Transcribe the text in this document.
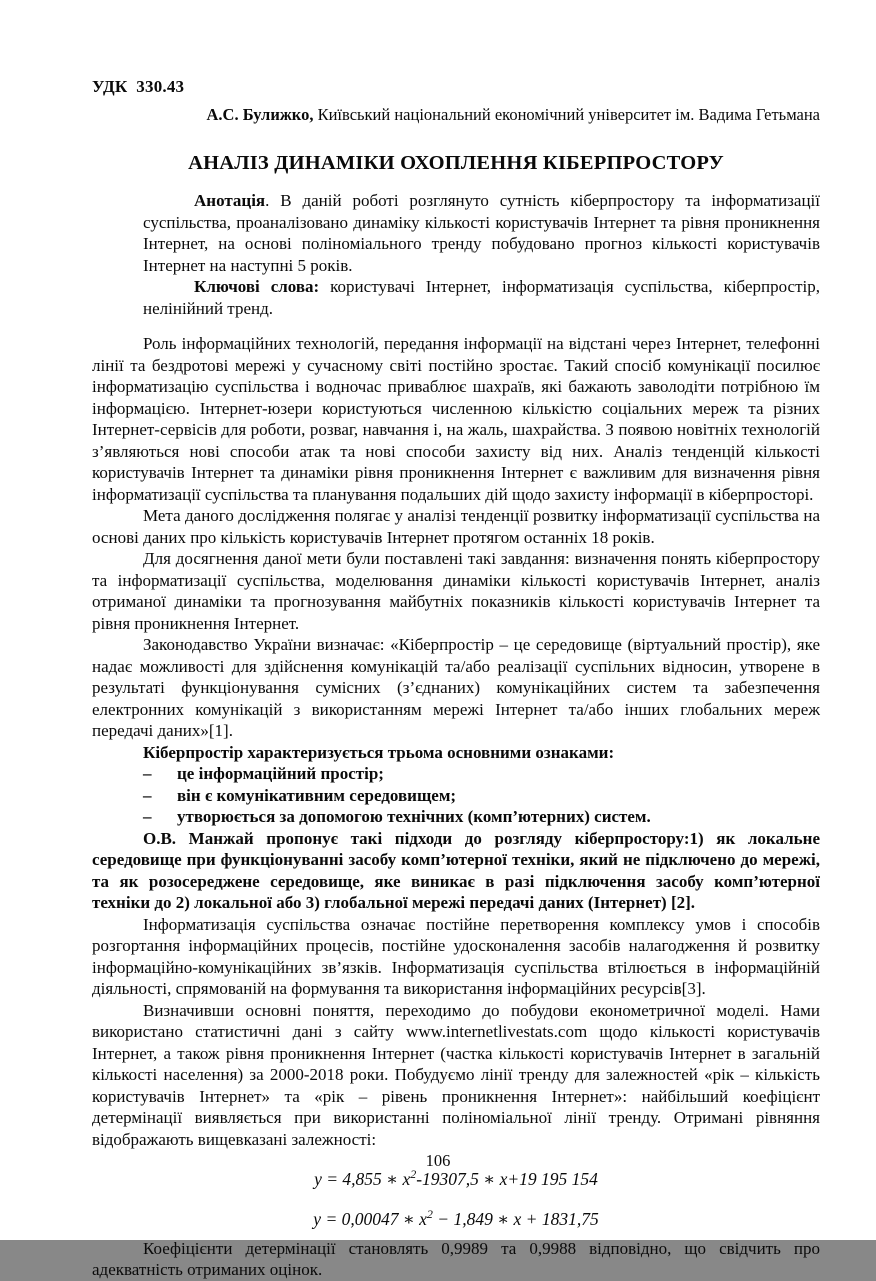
УДК 330.43
А.С. Булижко, Київський національний економічний університет ім. Вадима Гетьмана
АНАЛІЗ ДИНАМІКИ ОХОПЛЕННЯ КІБЕРПРОСТОРУ

Анотація. В даній роботі розглянуто сутність кіберпростору та інформатизації суспільства, проаналізовано динаміку кількості користувачів Інтернет та рівня проникнення Інтернет, на основі поліноміального тренду побудовано прогноз кількості користувачів Інтернет на наступні 5 років.

Ключові слова: користувачі Інтернет, інформатизація суспільства, кіберпростір, нелінійний тренд.

Роль інформаційних технологій, передання інформації на відстані через Інтернет, телефонні лінії та бездротові мережі у сучасному світі постійно зростає. Такий спосіб комунікації посилює інформатизацію суспільства і водночас приваблює шахраїв, які бажають заволодіти потрібною їм інформацією. Інтернет-юзери користуються численною кількістю соціальних мереж та різних Інтернет-сервісів для роботи, розваг, навчання і, на жаль, шахрайства. З появою новітніх технологій з’являються нові способи атак та нові способи захисту від них. Аналіз тенденцій кількості користувачів Інтернет та динаміки рівня проникнення Інтернет є важливим для визначення рівня інформатизації суспільства та планування подальших дій щодо захисту інформації в кіберпросторі.

Мета даного дослідження полягає у аналізі тенденції розвитку інформатизації суспільства на основі даних про кількість користувачів Інтернет протягом останніх 18 років.

Для досягнення даної мети були поставлені такі завдання: визначення понять кіберпростору та інформатизації суспільства, моделювання динаміки кількості користувачів Інтернет, аналіз отриманої динаміки та прогнозування майбутніх показників кількості користувачів Інтернет та рівня проникнення Інтернет.

Законодавство України визначає: «Кіберпростір – це середовище (віртуальний простір), яке надає можливості для здійснення комунікацій та/або реалізації суспільних відносин, утворене в результаті функціонування сумісних (з’єднаних) комунікаційних систем та забезпечення електронних комунікацій з використанням мережі Інтернет та/або інших глобальних мереж передачі даних»[1].

Кіберпростір характеризується трьома основними ознаками:

– це інформаційний простір;
– він є комунікативним середовищем;
– утворюється за допомогою технічних (комп’ютерних) систем.

О.В. Манжай пропонує такі підходи до розгляду кіберпростору:1) як локальне середовище при функціонуванні засобу комп’ютерної техніки, який не підключено до мережі, та як розосереджене середовище, яке виникає в разі підключення засобу комп’ютерної техніки до 2) локальної або 3) глобальної мережі передачі даних (Інтернет) [2].

Інформатизація суспільства означає постійне перетворення комплексу умов і способів розгортання інформаційних процесів, постійне удосконалення засобів налагодження й розвитку інформаційно-комунікаційних зв’язків. Інформатизація суспільства втілюється в інформаційній діяльності, спрямованій на формування та використання інформаційних ресурсів[3].

Визначивши основні поняття, переходимо до побудови економетричної моделі. Нами використано статистичні дані з сайту www.internetlivestats.com щодо кількості користувачів Інтернет, а також рівня проникнення Інтернет (частка кількості користувачів Інтернет в загальній кількості населення) за 2000-2018 роки. Побудуємо лінії тренду для залежностей «рік – кількість користувачів Інтернет» та «рік – рівень проникнення Інтернет»: найбільший коефіцієнт детермінації виявляється при використанні поліноміальної лінії тренду. Отримані рівняння відображають вищевказані залежності:

y = 4,855 ∗ $x^2-19307,5$ ∗ x+19 195 154
y = 0,00047 ∗ $x^2 - 1,849$ ∗ x + 1831,75

Коефіцієнти детермінації становлять 0,9989 та 0,9988 відповідно, що свідчить про адекватність отриманих оцінок.

106
